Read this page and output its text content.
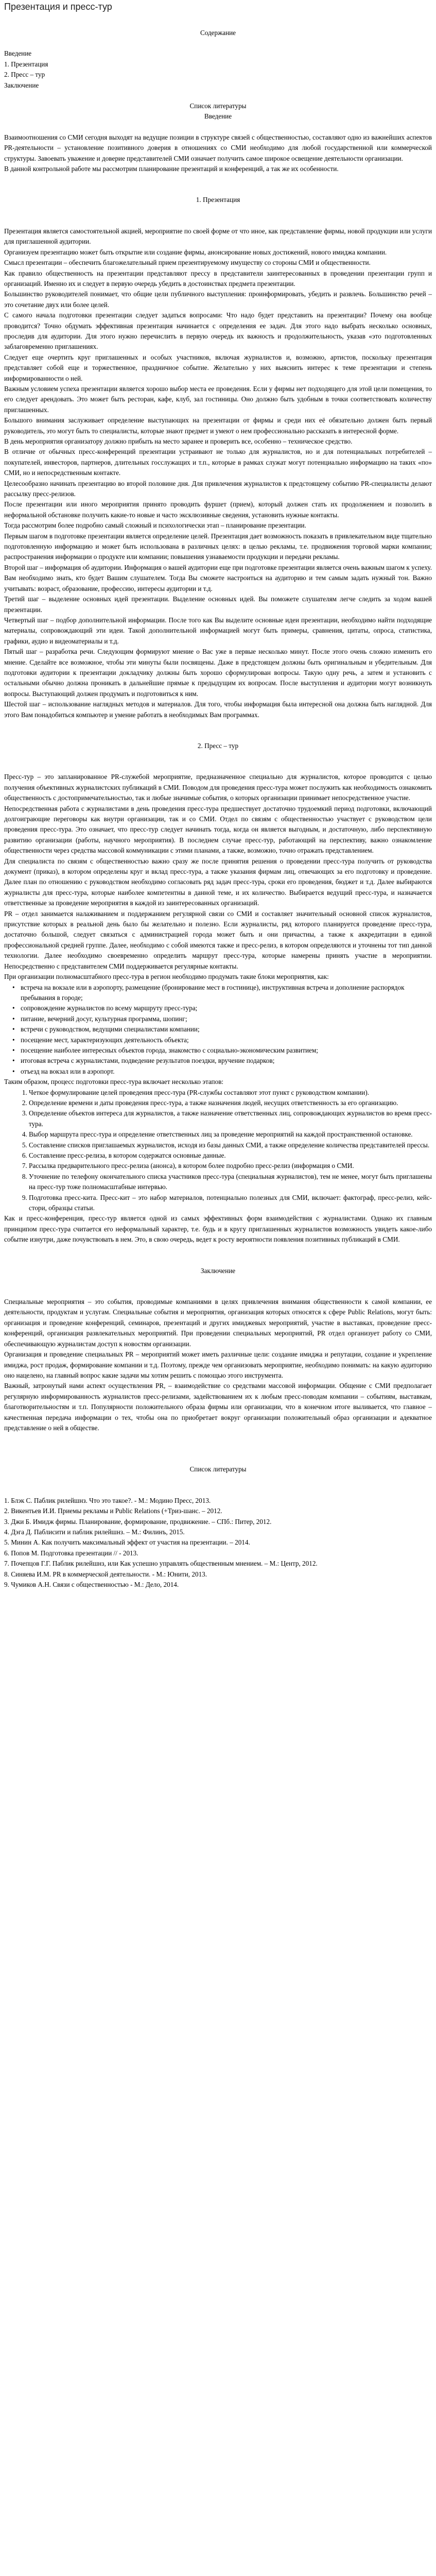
Презентация и пресс-тур

Содержание

Введение

1. Презентация

2. Пресс – тур

Заключение

Список литературы

Введение

Взаимоотношения со СМИ сегодня выходят на ведущие позиции в структуре связей с общественностью, составляют одно из важнейших аспектов PR-деятельности – установление позитивного доверия в отношениях со СМИ необходимо для любой государственной или коммерческой структуры. Завоевать уважение и доверие представителей СМИ означает получить самое широкое освещение деятельности организации.

В данной контрольной работе мы рассмотрим планирование презентаций и конференций, а так же их особенности.

1. Презентация

Презентация является самостоятельной акцией, мероприятие по своей форме от что иное, как представление фирмы, новой продукции или услуги для приглашенной аудитории.

Организуем презентацию может быть открытие или создание фирмы, анонсирование новых достижений, нового имиджа компании.

Смысл презентации – обеспечить благожелательный прием презентируемому имуществу со стороны СМИ и общественности.

Как правило общественность на презентации представляют прессу в представители заинтересованных в проведении презентации групп и организаций. Именно их и следует в первую очередь убедить в достоинствах предмета презентации.

Большинство руководителей понимает, что общие цели публичного выступления: проинформировать, убедить и развлечь. Большинство речей – это сочетание двух или более целей.

С самого начала подготовки презентации следует задаться вопросами: Что надо будет представить на презентации? Почему она вообще проводится? Точно обдумать эффективная презентация начинается с определения ее задач. Для этого надо выбрать несколько основных, проследив для аудитории. Для этого нужно перечислить в первую очередь их важность и продолжительность, указав «это подготовленных заблаговременно приглашениях.

Следует еще очертить круг приглашенных и особых участников, включая журналистов и, возможно, артистов, поскольку презентация представляет собой еще и торжественное, праздничное событие. Желательно у них выяснить интерес к теме презентации и степень информированности о ней.

Важным условием успеха презентации является хорошо выбор места ее проведения. Если у фирмы нет подходящего для этой цели помещения, то его следует арендовать. Это может быть ресторан, кафе, клуб, зал гостиницы. Оно должно быть удобным в точки соответствовать количеству приглашенных.

Большого внимания заслуживает определение выступающих на презентации от фирмы и среди них её обязательно должен быть первый руководитель, это могут быть то специалисты, которые знают предмет и умеют о нем профессионально рассказать в интересной форме.

В день мероприятия организатору должно прибыть на место заранее и проверить все, особенно – техническое средство.

В отличие от обычных пресс-конференций презентации устраивают не только для журналистов, но и для потенциальных потребителей – покупателей, инвесторов, партнеров, длительных госслужащих и т.п., которые в рамках служат могут потенциально информацию на таких «по» СМИ, но и непосредственным контакте.

Целесообразно начинать презентацию во второй половине дня. Для привлечения журналистов к предстоящему событию PR-специалисты делают рассылку пресс-релизов.

После презентации или иного мероприятия принято проводить фуршет (прием), который должен стать их продолжением и позволить в неформальной обстановке получить какие-то новые и часто эксклюзивные сведения, установить нужные контакты.

Тогда рассмотрим более подробно самый сложный и психологически этап – планирование презентации.

Первым шагом в подготовке презентации является определение целей. Презентация дает возможность показать в привлекательном виде тщательно подготовленную информацию и может быть использована в различных целях: в целью рекламы, т.е. продвижения торговой марки компании; распространения информации о продукте или компании; повышения узнаваемости продукции и передачи рекламы.

Второй шаг – информация об аудитории. Информация о вашей аудитории еще при подготовке презентации является очень важным шагом к успеху. Вам необходимо знать, кто будет Вашим слушателем. Тогда Вы сможете настроиться на аудиторию и тем самым задать нужный тон. Важно учитывать: возраст, образование, профессию, интересы аудитории и т.д.

Третий шаг – выделение основных идей презентации. Выделение основных идей. Вы поможете слушателям легче следить за ходом вашей презентации.

Четвертый шаг – подбор дополнительной информации. После того как Вы выделите основные идеи презентации, необходимо найти подходящие материалы, сопровождающий эти идеи. Такой дополнительной информацией могут быть примеры, сравнения, цитаты, опроса, статистика, графики, аудио и видеоматериалы и т.д.

Пятый шаг – разработка речи. Следующим формируют мнение о Вас уже в первые несколько минут. После этого очень сложно изменить его мнение. Сделайте все возможное, чтобы эти минуты были посвящены. Даже в предстоящем должны быть оригинальным и убедительным. Для подготовки аудитории к презентации докладчику должны быть хорошо сформулирован вопросы. Такую одну речь, а затем и установить с остальными обычно должна проникать в дальнейшие прямые к предыдущим их вопросам. После выступления и аудитории могут возникнуть вопросы. Выступающий должен продумать и подготовиться к ним.

Шестой шаг – использование наглядных методов и материалов. Для того, чтобы информация была интересной она должна быть наглядной. Для этого Вам понадобиться компьютер и умение работать в необходимых Вам программах.

2. Пресс – тур

Пресс-тур – это запланированное PR-служебой мероприятие, предназначенное специально для журналистов, которое проводится с целью получения объективных журналистских публикаций в СМИ. Поводом для проведения пресс-тура может послужить как необходимость ознакомить общественность с достопримечательностью, так и любые значимые события, о которых организации принимает непосредственное участие.

Непосредственная работа с журналистами в день проведения пресс-тура предшествует достаточно трудоемкий период подготовки, включающий долгоиграющие переговоры как внутри организации, так и со СМИ. Отдел по связям с общественностью участвует с руководством цели проведения пресс-тура. Это означает, что пресс-тур следует начинать тогда, когда он является выгодным, и достаточную, либо перспективную развитию организации (работы, научного мероприятия). В последнем случае пресс-тур, работающий на перспективу, важно ознакомление общественности через средства массовой коммуникации с этими планами, а также, возможно, точно отражать представлением.

Для специалиста по связям с общественностью важно сразу же после принятия решения о проведении пресс-тура получить от руководства документ (приказ), в котором определены круг и вклад пресс-тура, а также указания фирмам лиц, отвечающих за его подготовку и проведение. Далее план по отношению с руководством необходимо согласовать ряд задач пресс-тура, сроки его проведения, бюджет и т.д. Далее выбираются журналисты для пресс-тура, которые наиболее компетентны в данной теме, и их количество. Выбирается ведущий пресс-тура, и назначается ответственные за проведение мероприятия в каждой из заинтересованных организаций.

PR – отдел занимается налаживанием и поддержанием регулярной связи со СМИ и составляет значительный основной список журналистов, присутствие которых в реальной день было бы желательно и полезно. Если журналисты, ряд которого планируется проведение пресс-тура, достаточно большой, следует связаться с администрацией города может быть и они причастны, а также к аккредитации в единой профессиональной средней группе. Далее, необходимо с собой имеются также и пресс-релиз, в котором определяются и уточнены тот тип данной технологии. Далее необходимо своевременно определить маршрут пресс-тура, которые намерены принять участие в мероприятии. Непосредственно с представителем СМИ поддерживается регулярные контакты.

При организации полномасштабного пресс-тура в регион необходимо продумать такие блоки мероприятия, как:

• встреча на вокзале или в аэропорту, размещение (бронирование мест в гостинице), инструктивная встреча и дополнение распорядок пребывания в городе;
• сопровождение журналистов по всему маршруту пресс-тура;
• питание, вечерний досуг, культурная программа, шопинг;
• встречи с руководством, ведущими специалистами компании;
• посещение мест, характеризующих деятельность объекта;
• посещение наиболее интересных объектов города, знакомство с социально-экономическим развитием;
• итоговая встреча с журналистами, подведение результатов поездки, вручение подарков;
• отъезд на вокзал или в аэропорт.

Таким образом, процесс подготовки пресс-тура включает несколько этапов:

1. Четкое формулирование целей проведения пресс-тура (PR-службы составляют этот пункт с руководством компании).
2. Определение времени и даты проведения пресс-тура, а также назначения людей, несущих ответственность за его организацию.
3. Определение объектов интереса для журналистов, а также назначение ответственных лиц, сопровождающих журналистов во время пресс-тура.
4. Выбор маршрута пресс-тура и определение ответственных лиц за проведение мероприятий на каждой пространственной остановке.
5. Составление списков приглашаемых журналистов, исходя из базы данных СМИ, а также определение количества представителей прессы.
6. Составление пресс-релиза, в котором содержатся основные данные.
7. Рассылка предварительного пресс-релиза (анонса), в котором более подробно пресс-релиз (информация о СМИ.
8. Уточнение по телефону окончательного списка участников пресс-тура (специальная журналистов), тем не менее, могут быть приглашены на пресс-тур тоже полномасштабные интервью.
9. Подготовка пресс-кита. Пресс-кит – это набор материалов, потенциально полезных для СМИ, включает: фактограф, пресс-релиз, кейс-стори, образцы статьи.

Как и пресс-конференция, пресс-тур является одной из самых эффективных форм взаимодействия с журналистами. Однако их главным принципом пресс-тура считается его неформальный характер, т.е. будь и в кругу приглашенных журналистов возможность увидеть какое-либо событие изнутри, даже почувствовать в нем. Это, в свою очередь, ведет к росту вероятности появления позитивных публикаций в СМИ.

Заключение

Специальные мероприятия – это события, проводимые компаниями в целях привлечения внимания общественности к самой компании, ее деятельности, продуктам и услугам. Специальные события и мероприятия, организация которых относятся к сфере Public Relations, могут быть: организация и проведение конференций, семинаров, презентаций и других имиджевых мероприятий, участие в выставках, проведение пресс-конференций, организация развлекательных мероприятий. При проведении специальных мероприятий, PR отдел организует работу со СМИ, обеспечивающую журналистам доступ к новостям организации.

Организация и проведение специальных PR – мероприятий может иметь различные цели: создание имиджа и репутации, создание и укрепление имиджа, рост продаж, формирование компании и т.д. Поэтому, прежде чем организовать мероприятие, необходимо понимать: на какую аудиторию оно нацелено, на главный вопрос какие задачи мы хотим решить с помощью этого инструмента.

Важный, затронутый нами аспект осуществления PR, – взаимодействие со средствами массовой информации. Общение с СМИ предполагает регулярную информированность журналистов пресс-релизами, задействованием их к любым пресс-поводам компании – событиям, выставкам, благотворительностям и т.п. Популярности положительного образа фирмы или организации, что в конечном итоге выливается, что главное – качественная передача информации о тех, чтобы она по приобретает вокруг организации положительный образ организации и адекватное представление о ней в обществе.

Список литературы

1. Блэк С. Паблик рилейшнз. Что это такое?. - М.: Модино Пресс, 2013.

2. Викентьев И.И. Приемы рекламы и Public Relations (+Триз-шанс. – 2012.

3. Джи Б. Имидж фирмы. Планирование, формирование, продвижение. – СПб.: Питер, 2012.

4. Дэга Д. Паблисити и паблик рилейшнз. – М.: Филинъ, 2015.

5. Минин А. Как получить максимальный эффект от участия на презентации. – 2014.

6. Попов М. Подготовка презентации // - 2013.

7. Почепцов Г.Г. Паблик рилейшнз, или Как успешно управлять общественным мнением. – М.: Центр, 2012.

8. Синяева И.М. PR в коммерческой деятельности. - М.: Юнити, 2013.

9. Чумиков А.Н. Связи с общественностью - М.: Дело, 2014.
